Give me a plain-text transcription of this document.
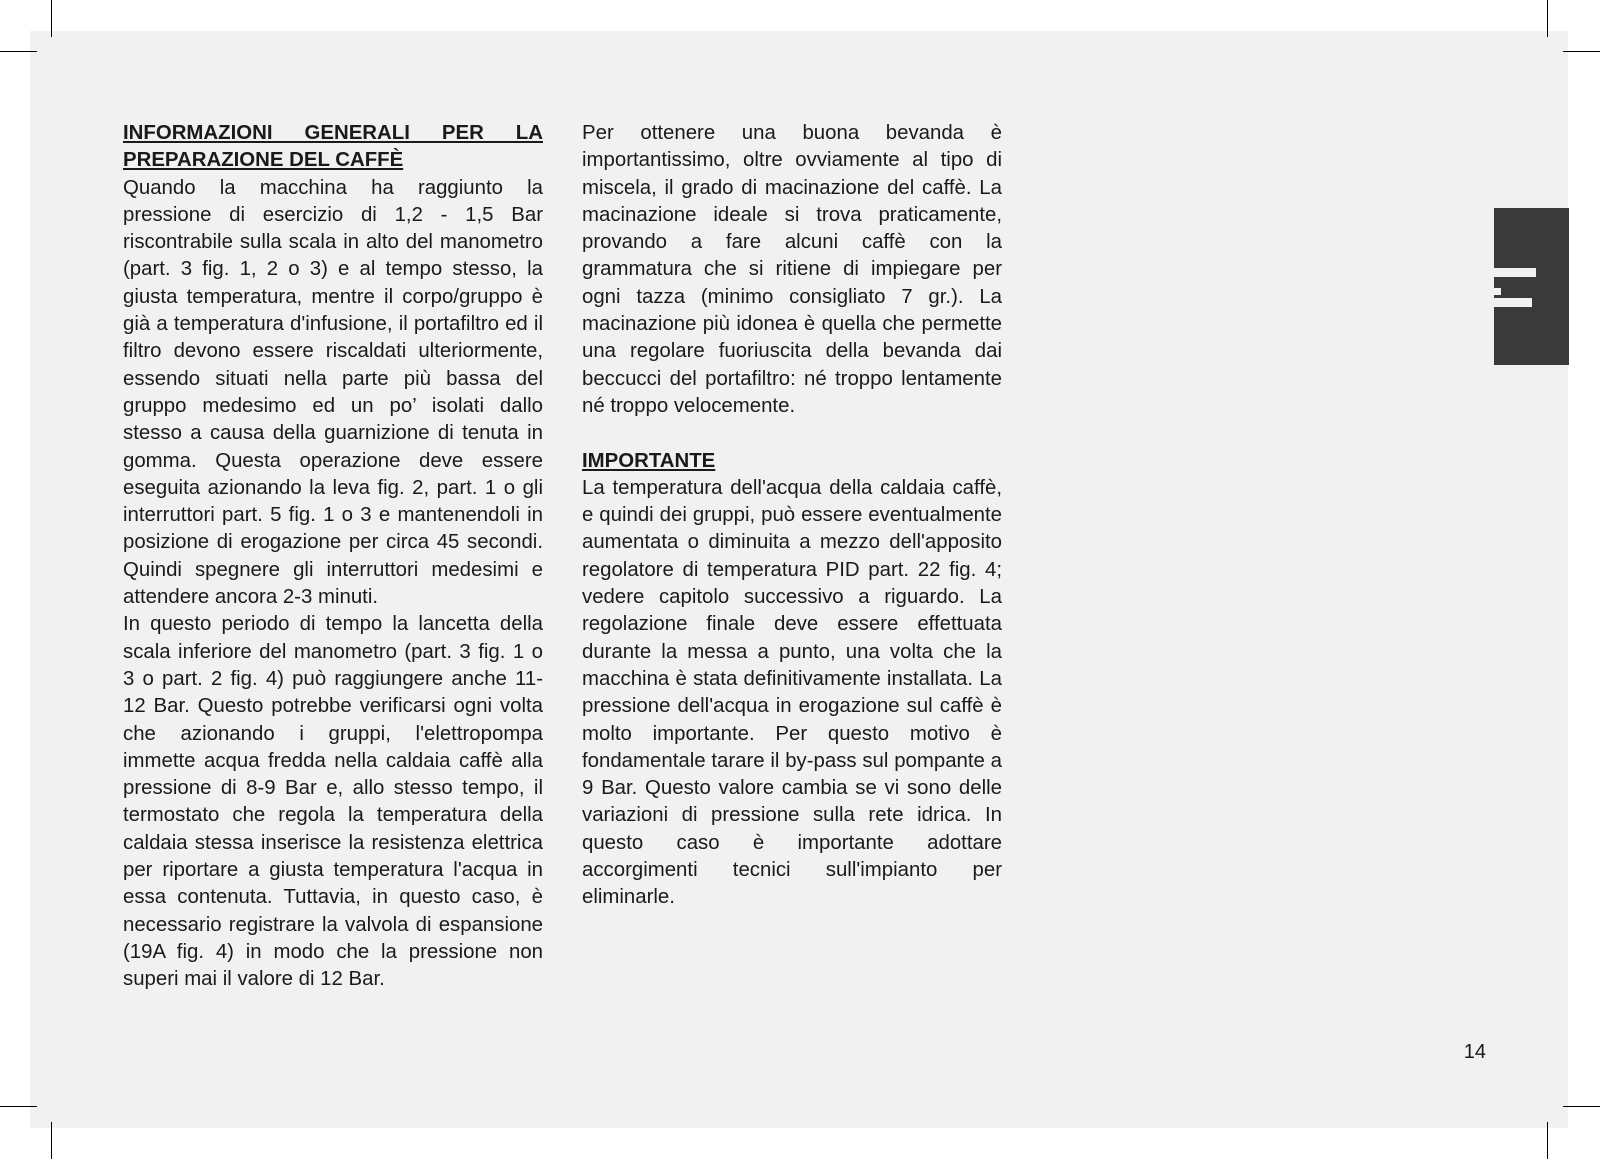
INFORMAZIONI GENERALI PER LA PREPARAZIONE DEL CAFFÈ

Quando la macchina ha raggiunto la pressione di esercizio di 1,2 - 1,5 Bar riscontrabile sulla scala in alto del manometro (part. 3 fig. 1, 2 o 3) e al tempo stesso, la giusta temperatura, mentre il corpo/gruppo è già a temperatura d'infusione, il portafiltro ed il filtro devono essere riscaldati ulteriormente, essendo situati nella parte più bassa del gruppo medesimo ed un po’ isolati dallo stesso a causa della guarnizione di tenuta in gomma. Questa operazione deve essere eseguita azionando la leva fig. 2, part. 1 o gli interruttori part. 5 fig. 1 o 3 e mantenendoli in posizione di erogazione per circa 45 secondi. Quindi spegnere gli interruttori medesimi e attendere ancora 2-3 minuti.

In questo periodo di tempo la lancetta della scala inferiore del manometro (part. 3 fig. 1 o 3 o part. 2 fig. 4) può raggiungere anche 11-12 Bar. Questo potrebbe verificarsi ogni volta che azionando i gruppi, l'elettropompa immette acqua fredda nella caldaia caffè alla pressione di 8-9 Bar e, allo stesso tempo, il termostato che regola la temperatura della caldaia stessa inserisce la resistenza elettrica per riportare a giusta temperatura l'acqua in essa contenuta. Tuttavia, in questo caso, è necessario registrare la valvola di espansione (19A fig. 4) in modo che la pressione non superi mai il valore di 12 Bar.

Per ottenere una buona bevanda è importantissimo, oltre ovviamente al tipo di miscela, il grado di macinazione del caffè. La macinazione ideale si trova praticamente, provando a fare alcuni caffè con la grammatura che si ritiene di impiegare per ogni tazza (minimo consigliato 7 gr.). La macinazione più idonea è quella che permette una regolare fuoriuscita della bevanda dai beccucci del portafiltro: né troppo lentamente né troppo velocemente.

IMPORTANTE

La temperatura dell'acqua della caldaia caffè, e quindi dei gruppi, può essere eventualmente aumentata o diminuita a mezzo dell'apposito regolatore di temperatura PID part. 22 fig. 4; vedere capitolo successivo a riguardo. La regolazione finale deve essere effettuata durante la messa a punto, una volta che la macchina è stata definitivamente installata. La pressione dell'acqua in erogazione sul caffè è molto importante. Per questo motivo è fondamentale tarare il by-pass sul pompante a 9 Bar. Questo valore cambia se vi sono delle variazioni di pressione sulla rete idrica. In questo caso è importante adottare accorgimenti tecnici sull'impianto per eliminarle.

14
